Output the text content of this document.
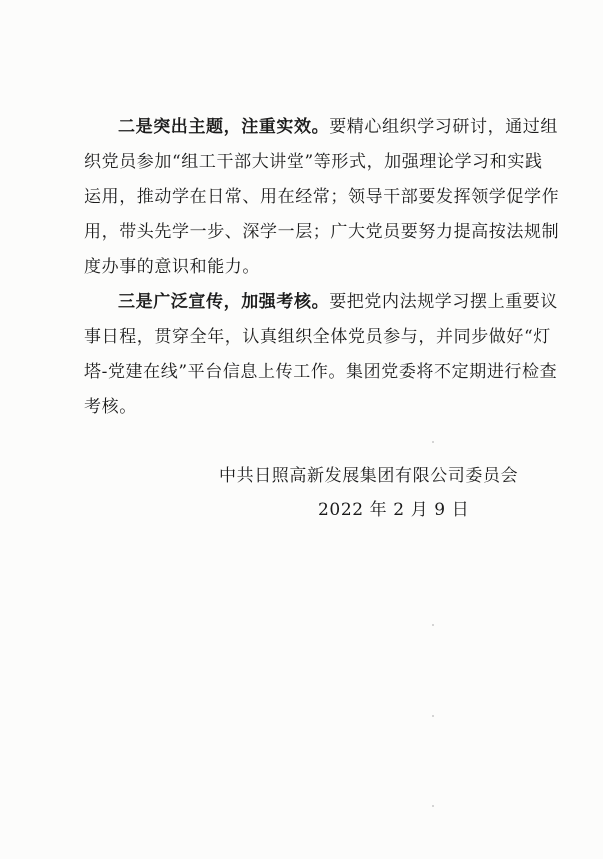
二是突出主题，注重实效。要精心组织学习研讨，通过组
织党员参加“组工干部大讲堂”等形式，加强理论学习和实践
运用，推动学在日常、用在经常；领导干部要发挥领学促学作
用，带头先学一步、深学一层；广大党员要努力提高按法规制
度办事的意识和能力。
三是广泛宣传，加强考核。要把党内法规学习摆上重要议
事日程，贯穿全年，认真组织全体党员参与，并同步做好“灯
塔-党建在线”平台信息上传工作。集团党委将不定期进行检查
考核。
中共日照高新发展集团有限公司委员会
2022 年 2 月 9 日
